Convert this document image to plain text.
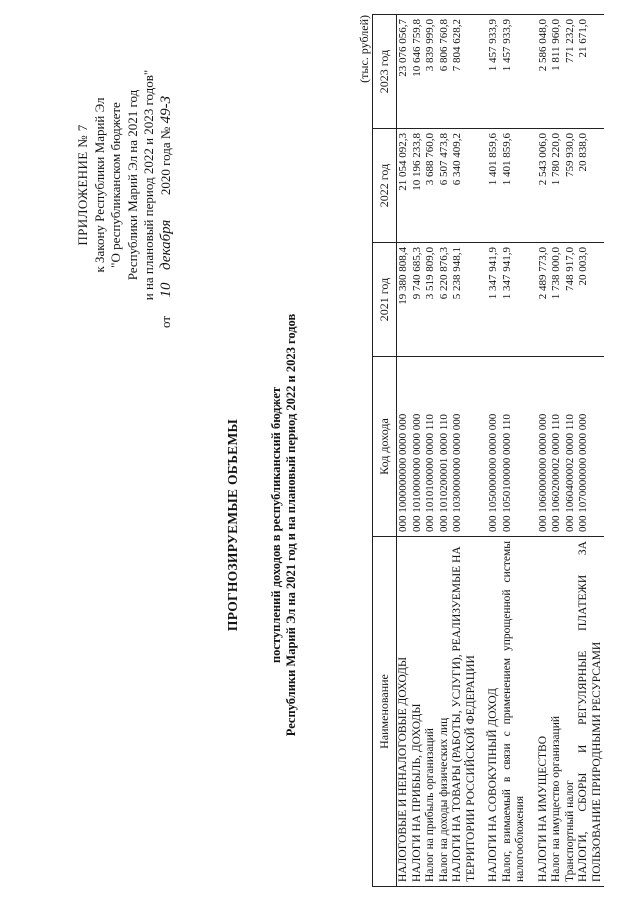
ПРИЛОЖЕНИЕ № 7 к Закону Республики Марий Эл "О республиканском бюджете Республики Марий Эл на 2021 год и на плановый период 2022 и 2023 годов"
от  10  декабря  2020 года № 49-З
ПРОГНОЗИРУЕМЫЕ ОБЪЕМЫ поступлений доходов в республиканский бюджет Республики Марий Эл на 2021 год и на плановый период 2022 и 2023 годов
(тыс. рублей)
Наименование	Код дохода	2021 год	2022 год	2023 год
НАЛОГОВЫЕ И НЕНАЛОГОВЫЕ ДОХОДЫ	000 1000000000 0000 000	19 380 808,4	21 054 092,3	23 076 056,7
НАЛОГИ НА ПРИБЫЛЬ, ДОХОДЫ	000 1010000000 0000 000	9 740 685,3	10 196 233,8	10 646 759,8
Налог на прибыль организаций	000 1010100000 0000 110	3 519 809,0	3 688 760,0	3 839 999,0
Налог на доходы физических лиц	000 1010200001 0000 110	6 220 876,3	6 507 473,8	6 806 760,8
НАЛОГИ НА ТОВАРЫ (РАБОТЫ, УСЛУГИ), РЕАЛИЗУЕМЫЕ НА ТЕРРИТОРИИ РОССИЙСКОЙ ФЕДЕРАЦИИ	000 1030000000 0000 000	5 238 948,1	6 340 409,2	7 804 628,2

НАЛОГИ НА СОВОКУПНЫЙ ДОХОД	000 1050000000 0000 000	1 347 941,9	1 401 859,6	1 457 933,9
Налог, взимаемый в связи с применением упрощенной системы налогообложения	000 1050100000 0000 110	1 347 941,9	1 401 859,6	1 457 933,9

НАЛОГИ НА ИМУЩЕСТВО	000 1060000000 0000 000	2 489 773,0	2 543 006,0	2 586 048,0
Налог на имущество организаций	000 1060200002 0000 110	1 738 000,0	1 780 220,0	1 811 960,0
Транспортный налог	000 1060400002 0000 110	748 917,0	759 930,0	771 232,0
НАЛОГИ, СБОРЫ И РЕГУЛЯРНЫЕ ПЛАТЕЖИ ЗА ПОЛЬЗОВАНИЕ ПРИРОДНЫМИ РЕСУРСАМИ	000 1070000000 0000 000	20 003,0	20 838,0	21 671,0
